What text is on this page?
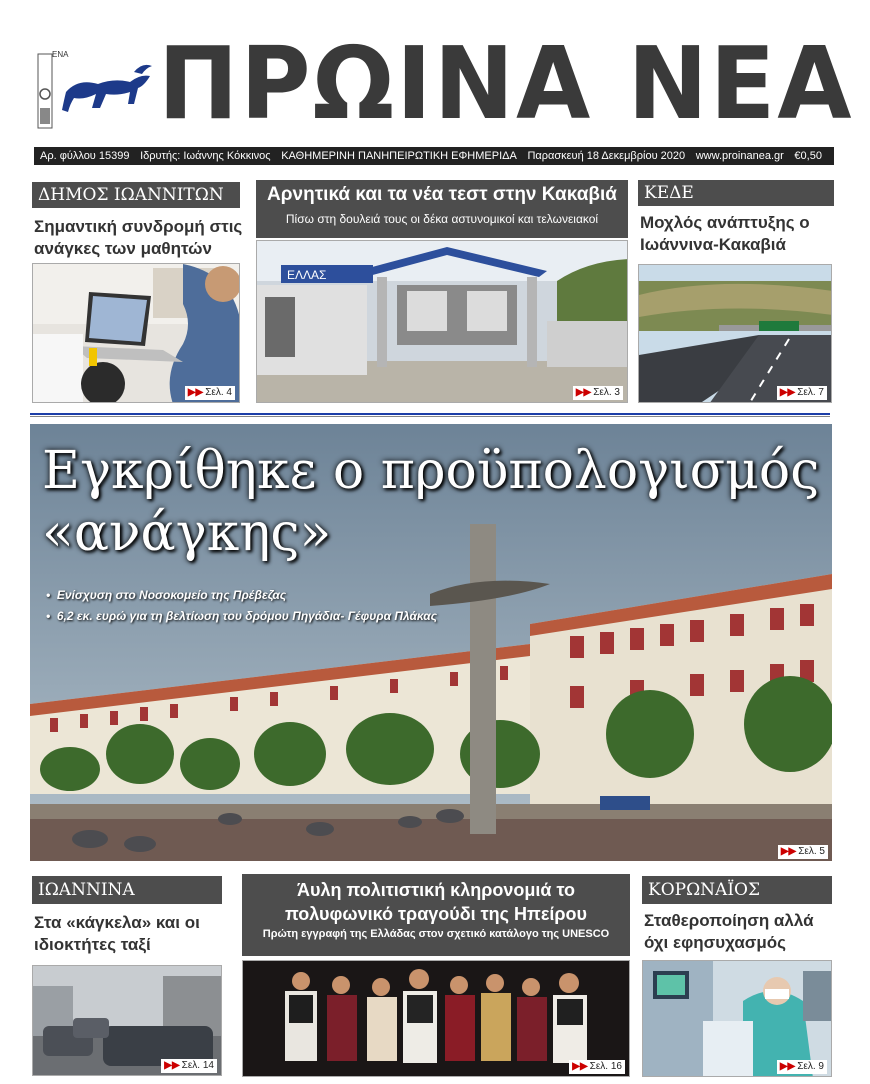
ΕΝΑ ΠΡΩΙΝΑ ΝΕΑ
Αρ. φύλλου 15399 Ιδρυτής: Ιωάννης Κόκκινος ΚΑΘΗΜΕΡΙΝΗ ΠΑΝΗΠΕΙΡΩΤΙΚΗ ΕΦΗΜΕΡΙΔΑ Παρασκευή 18 Δεκεμβρίου 2020 www.proinanea.gr €0,50
ΔΗΜΟΣ ΙΩΑΝΝΙΤΩΝ
Σημαντική συνδρομή στις ανάγκες των μαθητών
▶▶ Σελ. 4
Αρνητικά και τα νέα τεστ στην Κακαβιά
Πίσω στη δουλειά τους οι δέκα αστυνομικοί και τελωνειακοί
ΕΛΛΑΣ
▶▶ Σελ. 3
ΚΕΔΕ
Μοχλός ανάπτυξης ο Ιωάννινα-Κακαβιά
▶▶ Σελ. 7
Εγκρίθηκε ο προϋπολογισμός
«ανάγκης»
•  Ενίσχυση στο Νοσοκομείο της Πρέβεζας
•  6,2 εκ. ευρώ για τη βελτίωση του δρόμου Πηγάδια- Γέφυρα Πλάκας
▶▶ Σελ. 5
ΙΩΑΝΝΙΝΑ
Στα «κάγκελα» και οι ιδιοκτήτες ταξί
▶▶ Σελ. 14
Άυλη πολιτιστική κληρονομιά το πολυφωνικό τραγούδι της Ηπείρου
Πρώτη εγγραφή της Ελλάδας στον σχετικό κατάλογο της UNESCO
▶▶ Σελ. 16
ΚΟΡΩΝΑΪΟΣ
Σταθεροποίηση αλλά όχι εφησυχασμός
▶▶ Σελ. 9
